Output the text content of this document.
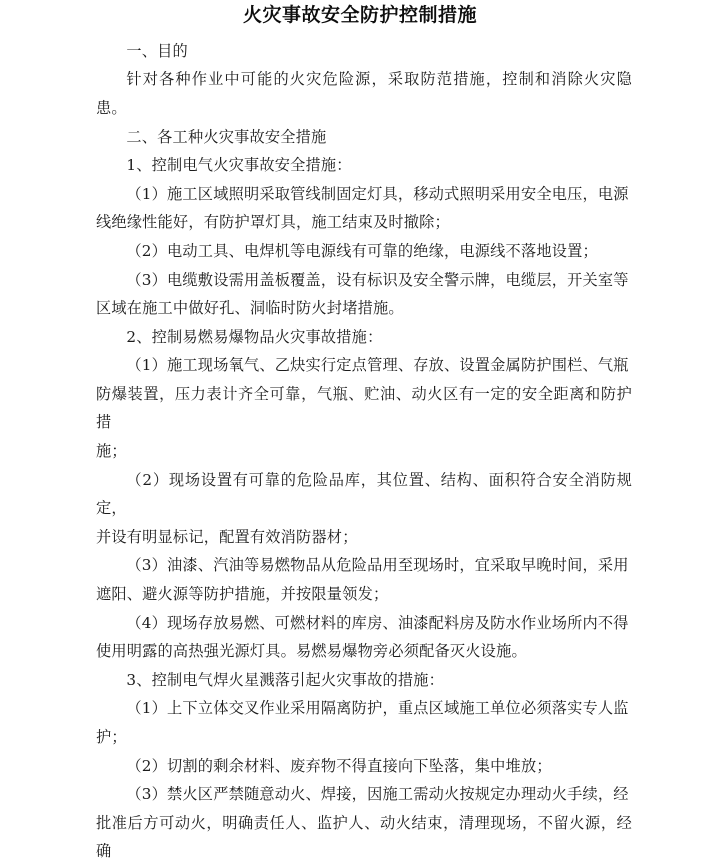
火灾事故安全防护控制措施

一、目的

针对各种作业中可能的火灾危险源，采取防范措施，控制和消除火灾隐患。

二、各工种火灾事故安全措施

1、控制电气火灾事故安全措施：

（1）施工区域照明采取管线制固定灯具，移动式照明采用安全电压，电源

线绝缘性能好，有防护罩灯具，施工结束及时撤除；

（2）电动工具、电焊机等电源线有可靠的绝缘，电源线不落地设置；

（3）电缆敷设需用盖板覆盖，设有标识及安全警示牌，电缆层，开关室等

区域在施工中做好孔、洞临时防火封堵措施。

2、控制易燃易爆物品火灾事故措施：

（1）施工现场氧气、乙炔实行定点管理、存放、设置金属防护围栏、气瓶

防爆装置，压力表计齐全可靠，气瓶、贮油、动火区有一定的安全距离和防护措

施；

（2）现场设置有可靠的危险品库，其位置、结构、面积符合安全消防规定，

并设有明显标记，配置有效消防器材；

（3）油漆、汽油等易燃物品从危险品用至现场时，宜采取早晚时间，采用

遮阳、避火源等防护措施，并按限量领发；

（4）现场存放易燃、可燃材料的库房、油漆配料房及防水作业场所内不得

使用明露的高热强光源灯具。易燃易爆物旁必须配备灭火设施。

3、控制电气焊火星溅落引起火灾事故的措施：

（1）上下立体交叉作业采用隔离防护，重点区域施工单位必须落实专人监

护；

（2）切割的剩余材料、废弃物不得直接向下坠落，集中堆放；

（3）禁火区严禁随意动火、焊接，因施工需动火按规定办理动火手续，经

批准后方可动火，明确责任人、监护人、动火结束，清理现场，不留火源，经确
